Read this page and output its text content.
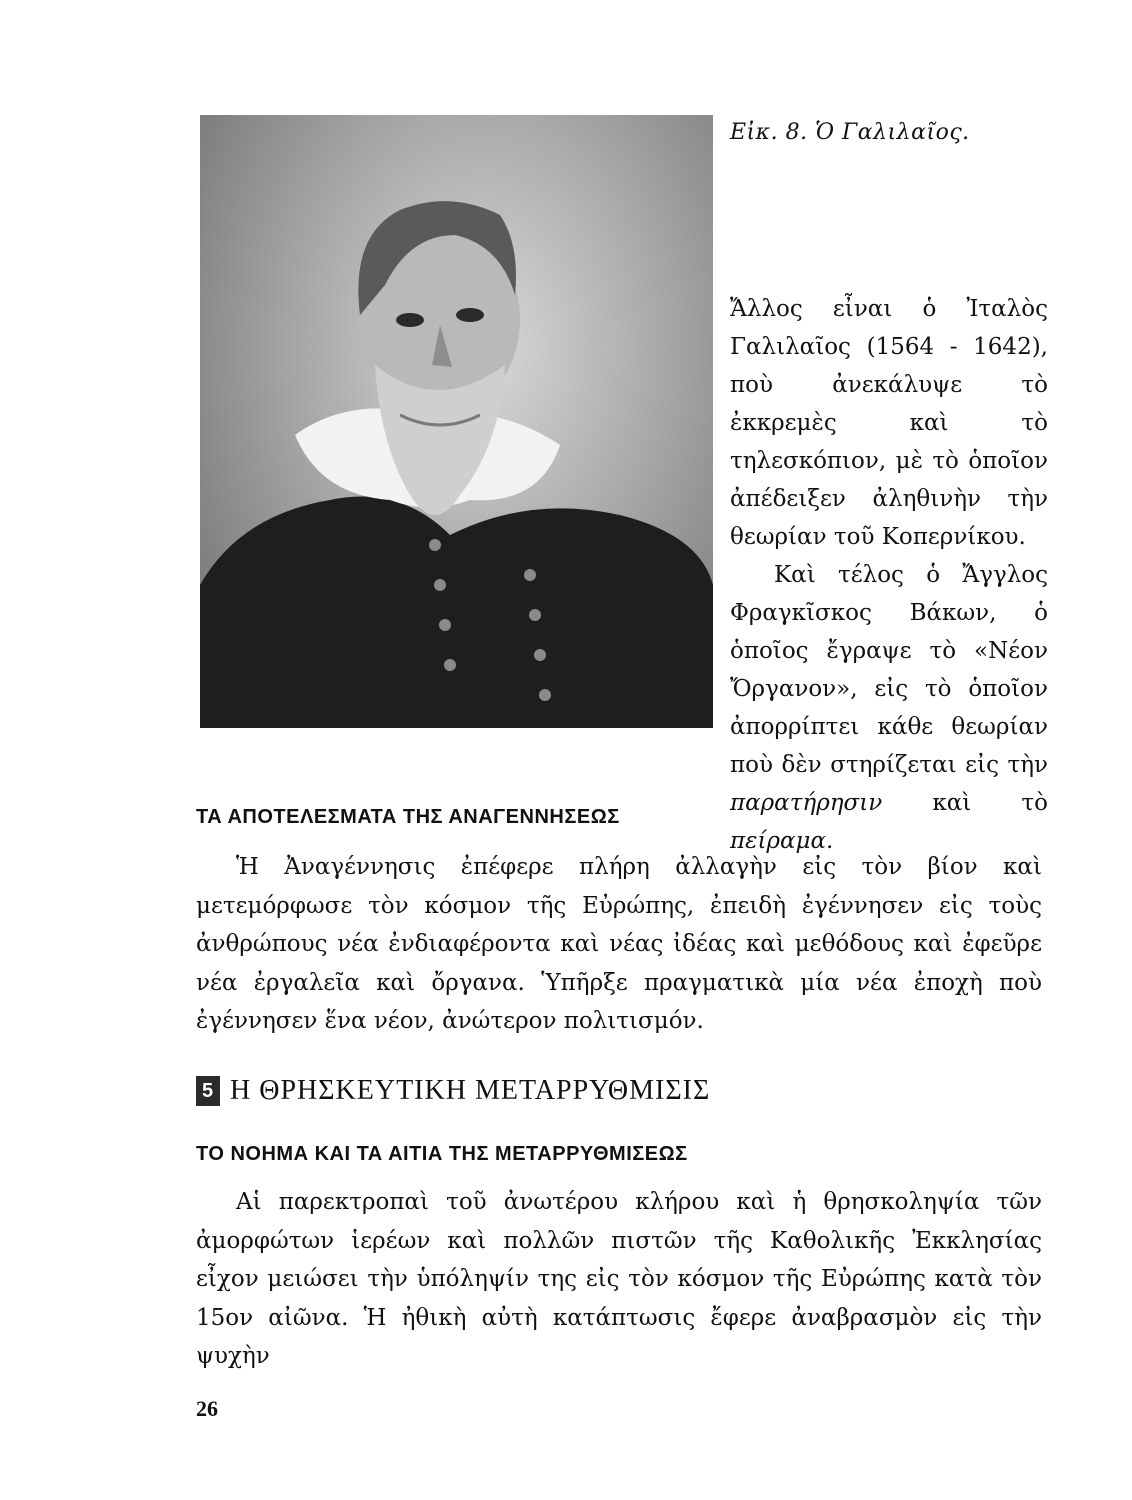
Εἰκ. 8. Ὁ Γαλιλαῖος.

Ἄλλος εἶναι ὁ Ἰταλὸς Γαλιλαῖος (1564 - 1642), ποὺ ἀνεκάλυψε τὸ ἐκκρεμὲς καὶ τὸ τηλεσκόπιον, μὲ τὸ ὁποῖον ἀπέδειξεν ἀληθινὴν τὴν θεωρίαν τοῦ Κοπερνίκου.

Καὶ τέλος ὁ Ἄγγλος Φραγκῖσκος Βάκων, ὁ ὁποῖος ἔγραψε τὸ «Νέον Ὄργανον», εἰς τὸ ὁποῖον ἀπορρίπτει κάθε θεωρίαν ποὺ δὲν στηρίζεται εἰς τὴν παρατήρησιν καὶ τὸ πείραμα.

ΤΑ ΑΠΟΤΕΛΕΣΜΑΤΑ ΤΗΣ ΑΝΑΓΕΝΝΗΣΕΩΣ

Ἡ Ἀναγέννησις ἐπέφερε πλήρη ἀλλαγὴν εἰς τὸν βίον καὶ μετεμόρφωσε τὸν κόσμον τῆς Εὐρώπης, ἐπειδὴ ἐγέννησεν εἰς τοὺς ἀνθρώπους νέα ἐνδιαφέροντα καὶ νέας ἰδέας καὶ μεθόδους καὶ ἐφεῦρε νέα ἐργαλεῖα καὶ ὄργανα. Ὑπῆρξε πραγματικὰ μία νέα ἐποχὴ ποὺ ἐγέννησεν ἕνα νέον, ἀνώτερον πολιτισμόν.

5 Η ΘΡΗΣΚΕΥΤΙΚΗ ΜΕΤΑΡΡΥΘΜΙΣΙΣ
ΤΟ ΝΟΗΜΑ ΚΑΙ ΤΑ ΑΙΤΙΑ ΤΗΣ ΜΕΤΑΡΡΥΘΜΙΣΕΩΣ

Αἱ παρεκτροπαὶ τοῦ ἀνωτέρου κλήρου καὶ ἡ θρησκοληψία τῶν ἀμορφώτων ἱερέων καὶ πολλῶν πιστῶν τῆς Καθολικῆς Ἐκκλησίας εἶχον μειώσει τὴν ὑπόληψίν της εἰς τὸν κόσμον τῆς Εὐρώπης κατὰ τὸν 15ον αἰῶνα. Ἡ ἠθικὴ αὐτὴ κατάπτωσις ἔφερε ἀναβρασμὸν εἰς τὴν ψυχὴν

26
